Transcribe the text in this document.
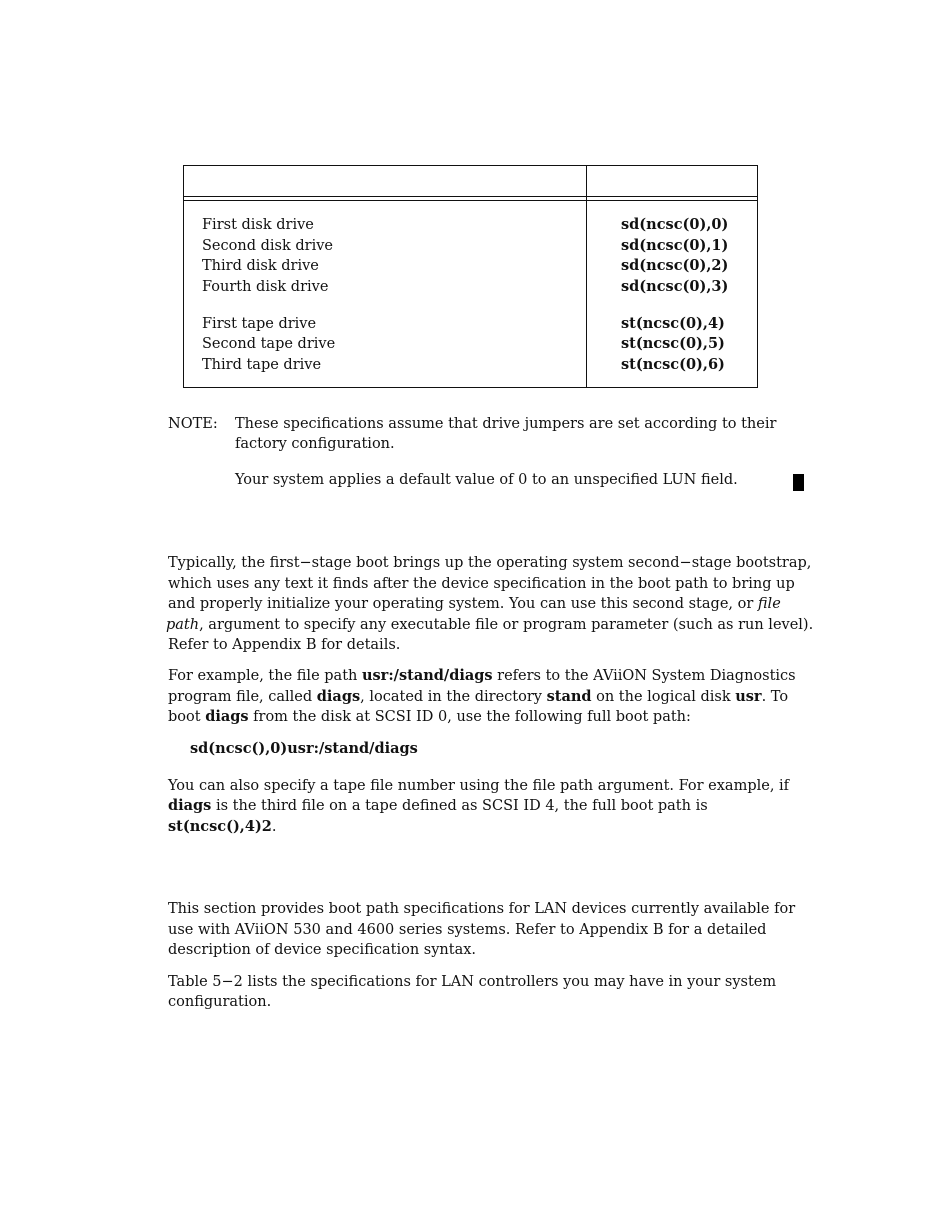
First disk drive	sd(ncsc(0),0)
Second disk drive	sd(ncsc(0),1)
Third disk drive	sd(ncsc(0),2)
Fourth disk drive	sd(ncsc(0),3)
First tape drive	st(ncsc(0),4)
Second tape drive	st(ncsc(0),5)
Third tape drive	st(ncsc(0),6)
NOTE: These specifications assume that drive jumpers are set according to their
factory configuration.
Your system applies a default value of 0 to an unspecified LUN field.
Typically, the first−stage boot brings up the operating system second−stage bootstrap,
which uses any text it finds after the device specification in the boot path to bring up
and properly initialize your operating system. You can use this second stage, or file
path, argument to specify any executable file or program parameter (such as run level).
Refer to Appendix B for details.
For example, the file path usr:/stand/diags refers to the AViiON System Diagnostics
program file, called diags, located in the directory stand on the logical disk usr. To
boot diags from the disk at SCSI ID 0, use the following full boot path:
sd(ncsc(),0)usr:/stand/diags
You can also specify a tape file number using the file path argument. For example, if
diags is the third file on a tape defined as SCSI ID 4, the full boot path is
st(ncsc(),4)2.
This section provides boot path specifications for LAN devices currently available for
use with AViiON 530 and 4600 series systems. Refer to Appendix B for a detailed
description of device specification syntax.
Table 5−2 lists the specifications for LAN controllers you may have in your system
configuration.
